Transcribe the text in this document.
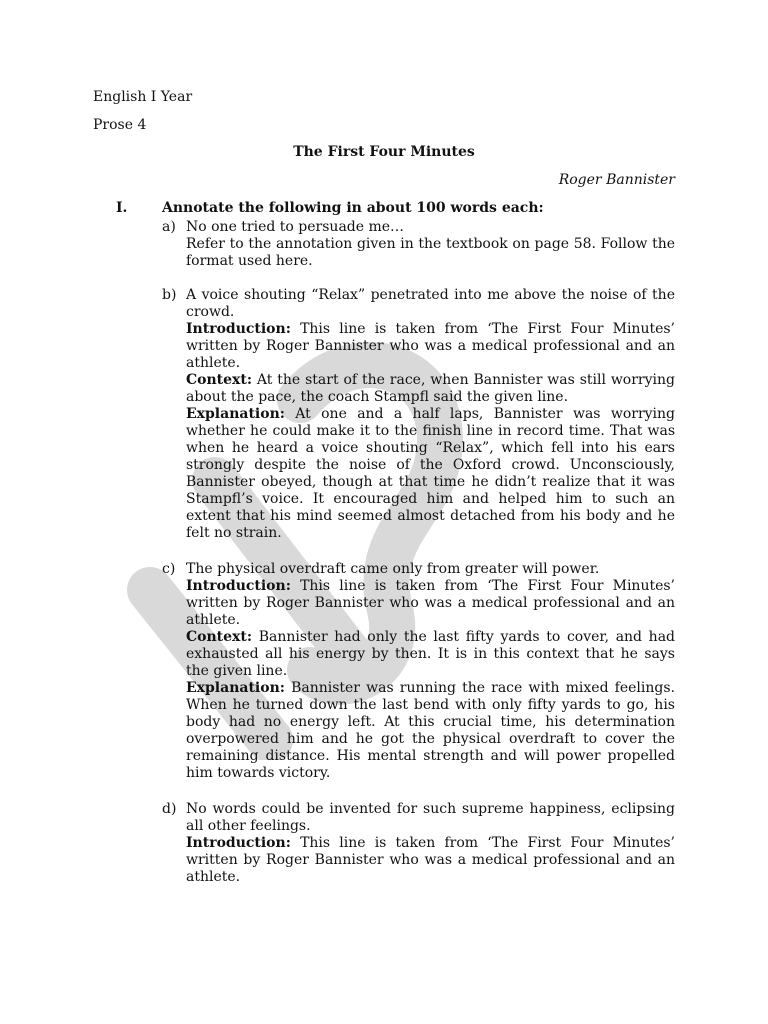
English I Year
Prose 4
The First Four Minutes
Roger Bannister
I. Annotate the following in about 100 words each:
a) No one tried to persuade me…

Refer to the annotation given in the textbook on page 58. Follow the format used here.

b) A voice shouting “Relax” penetrated into me above the noise of the crowd.

Introduction: This line is taken from ‘The First Four Minutes’ written by Roger Bannister who was a medical professional and an athlete.

Context: At the start of the race, when Bannister was still worrying about the pace, the coach Stampfl said the given line.

Explanation: At one and a half laps, Bannister was worrying whether he could make it to the finish line in record time. That was when he heard a voice shouting “Relax”, which fell into his ears strongly despite the noise of the Oxford crowd. Unconsciously, Bannister obeyed, though at that time he didn’t realize that it was Stampfl’s voice. It encouraged him and helped him to such an extent that his mind seemed almost detached from his body and he felt no strain.

c) The physical overdraft came only from greater will power.

Introduction: This line is taken from ‘The First Four Minutes’ written by Roger Bannister who was a medical professional and an athlete.

Context: Bannister had only the last fifty yards to cover, and had exhausted all his energy by then. It is in this context that he says the given line.

Explanation: Bannister was running the race with mixed feelings. When he turned down the last bend with only fifty yards to go, his body had no energy left. At this crucial time, his determination overpowered him and he got the physical overdraft to cover the remaining distance. His mental strength and will power propelled him towards victory.

d) No words could be invented for such supreme happiness, eclipsing all other feelings.

Introduction: This line is taken from ‘The First Four Minutes’ written by Roger Bannister who was a medical professional and an athlete.
